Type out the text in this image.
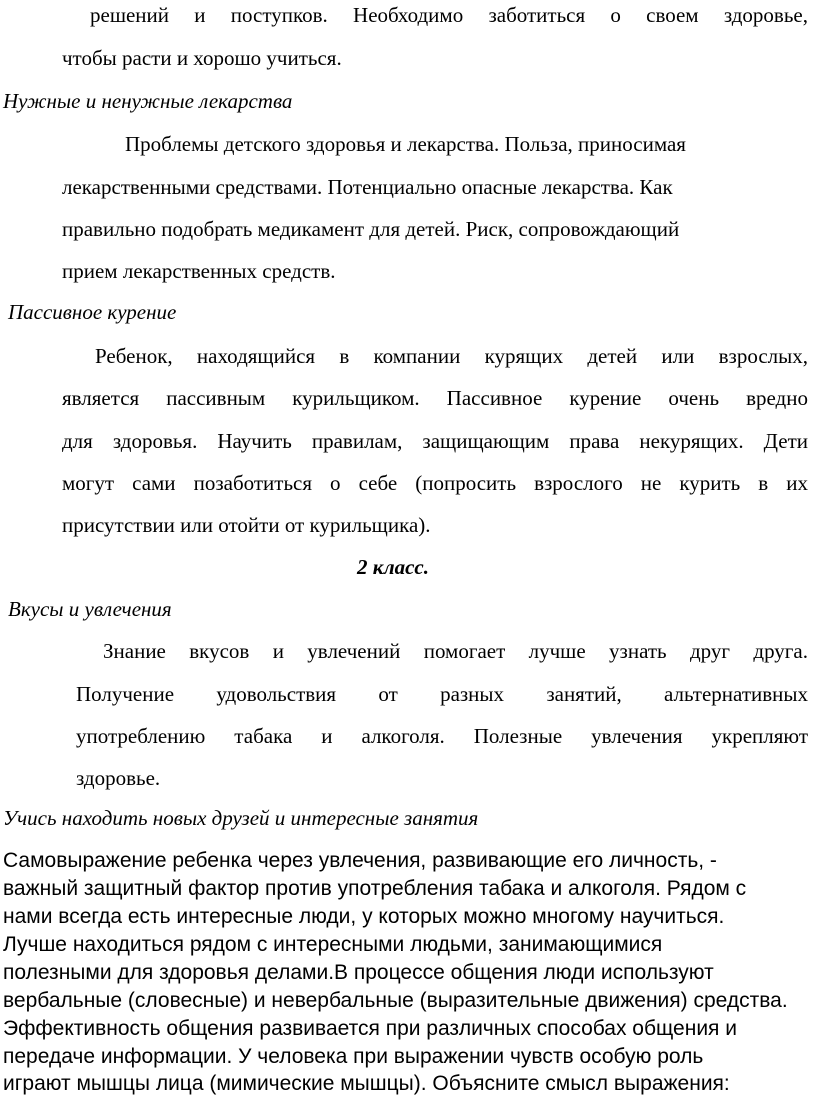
решений и поступков. Необходимо заботиться о своем здоровье,
чтобы расти и хорошо учиться.
Нужные и ненужные лекарства
Проблемы детского здоровья и лекарства. Польза, приносимая
лекарственными средствами. Потенциально опасные лекарства. Как
правильно подобрать медикамент для детей. Риск, сопровождающий
прием лекарственных средств.
Пассивное курение
Ребенок, находящийся в компании курящих детей или взрослых,
является пассивным курильщиком. Пассивное курение очень вредно
для здоровья. Научить правилам, защищающим права некурящих. Дети
могут сами позаботиться о себе (попросить взрослого не курить в их
присутствии или отойти от курильщика).
2 класс.
Вкусы и увлечения
Знание вкусов и увлечений помогает лучше узнать друг друга.
Получение удовольствия от разных занятий, альтернативных
употреблению табака и алкоголя. Полезные увлечения укрепляют
здоровье.
Учись находить новых друзей и интересные занятия
Самовыражение ребенка через увлечения, развивающие его личность, -
важный защитный фактор против употребления табака и алкоголя. Рядом с
нами всегда есть интересные люди, у которых можно многому научиться.
Лучше находиться рядом с интересными людьми, занимающимися
полезными для здоровья делами.В процессе общения люди используют
вербальные (словесные) и невербальные (выразительные движения) средства.
Эффективность общения развивается при различных способах общения и
передаче информации. У человека при выражении чувств особую роль
играют мышцы лица (мимические мышцы). Объясните смысл выражения:
